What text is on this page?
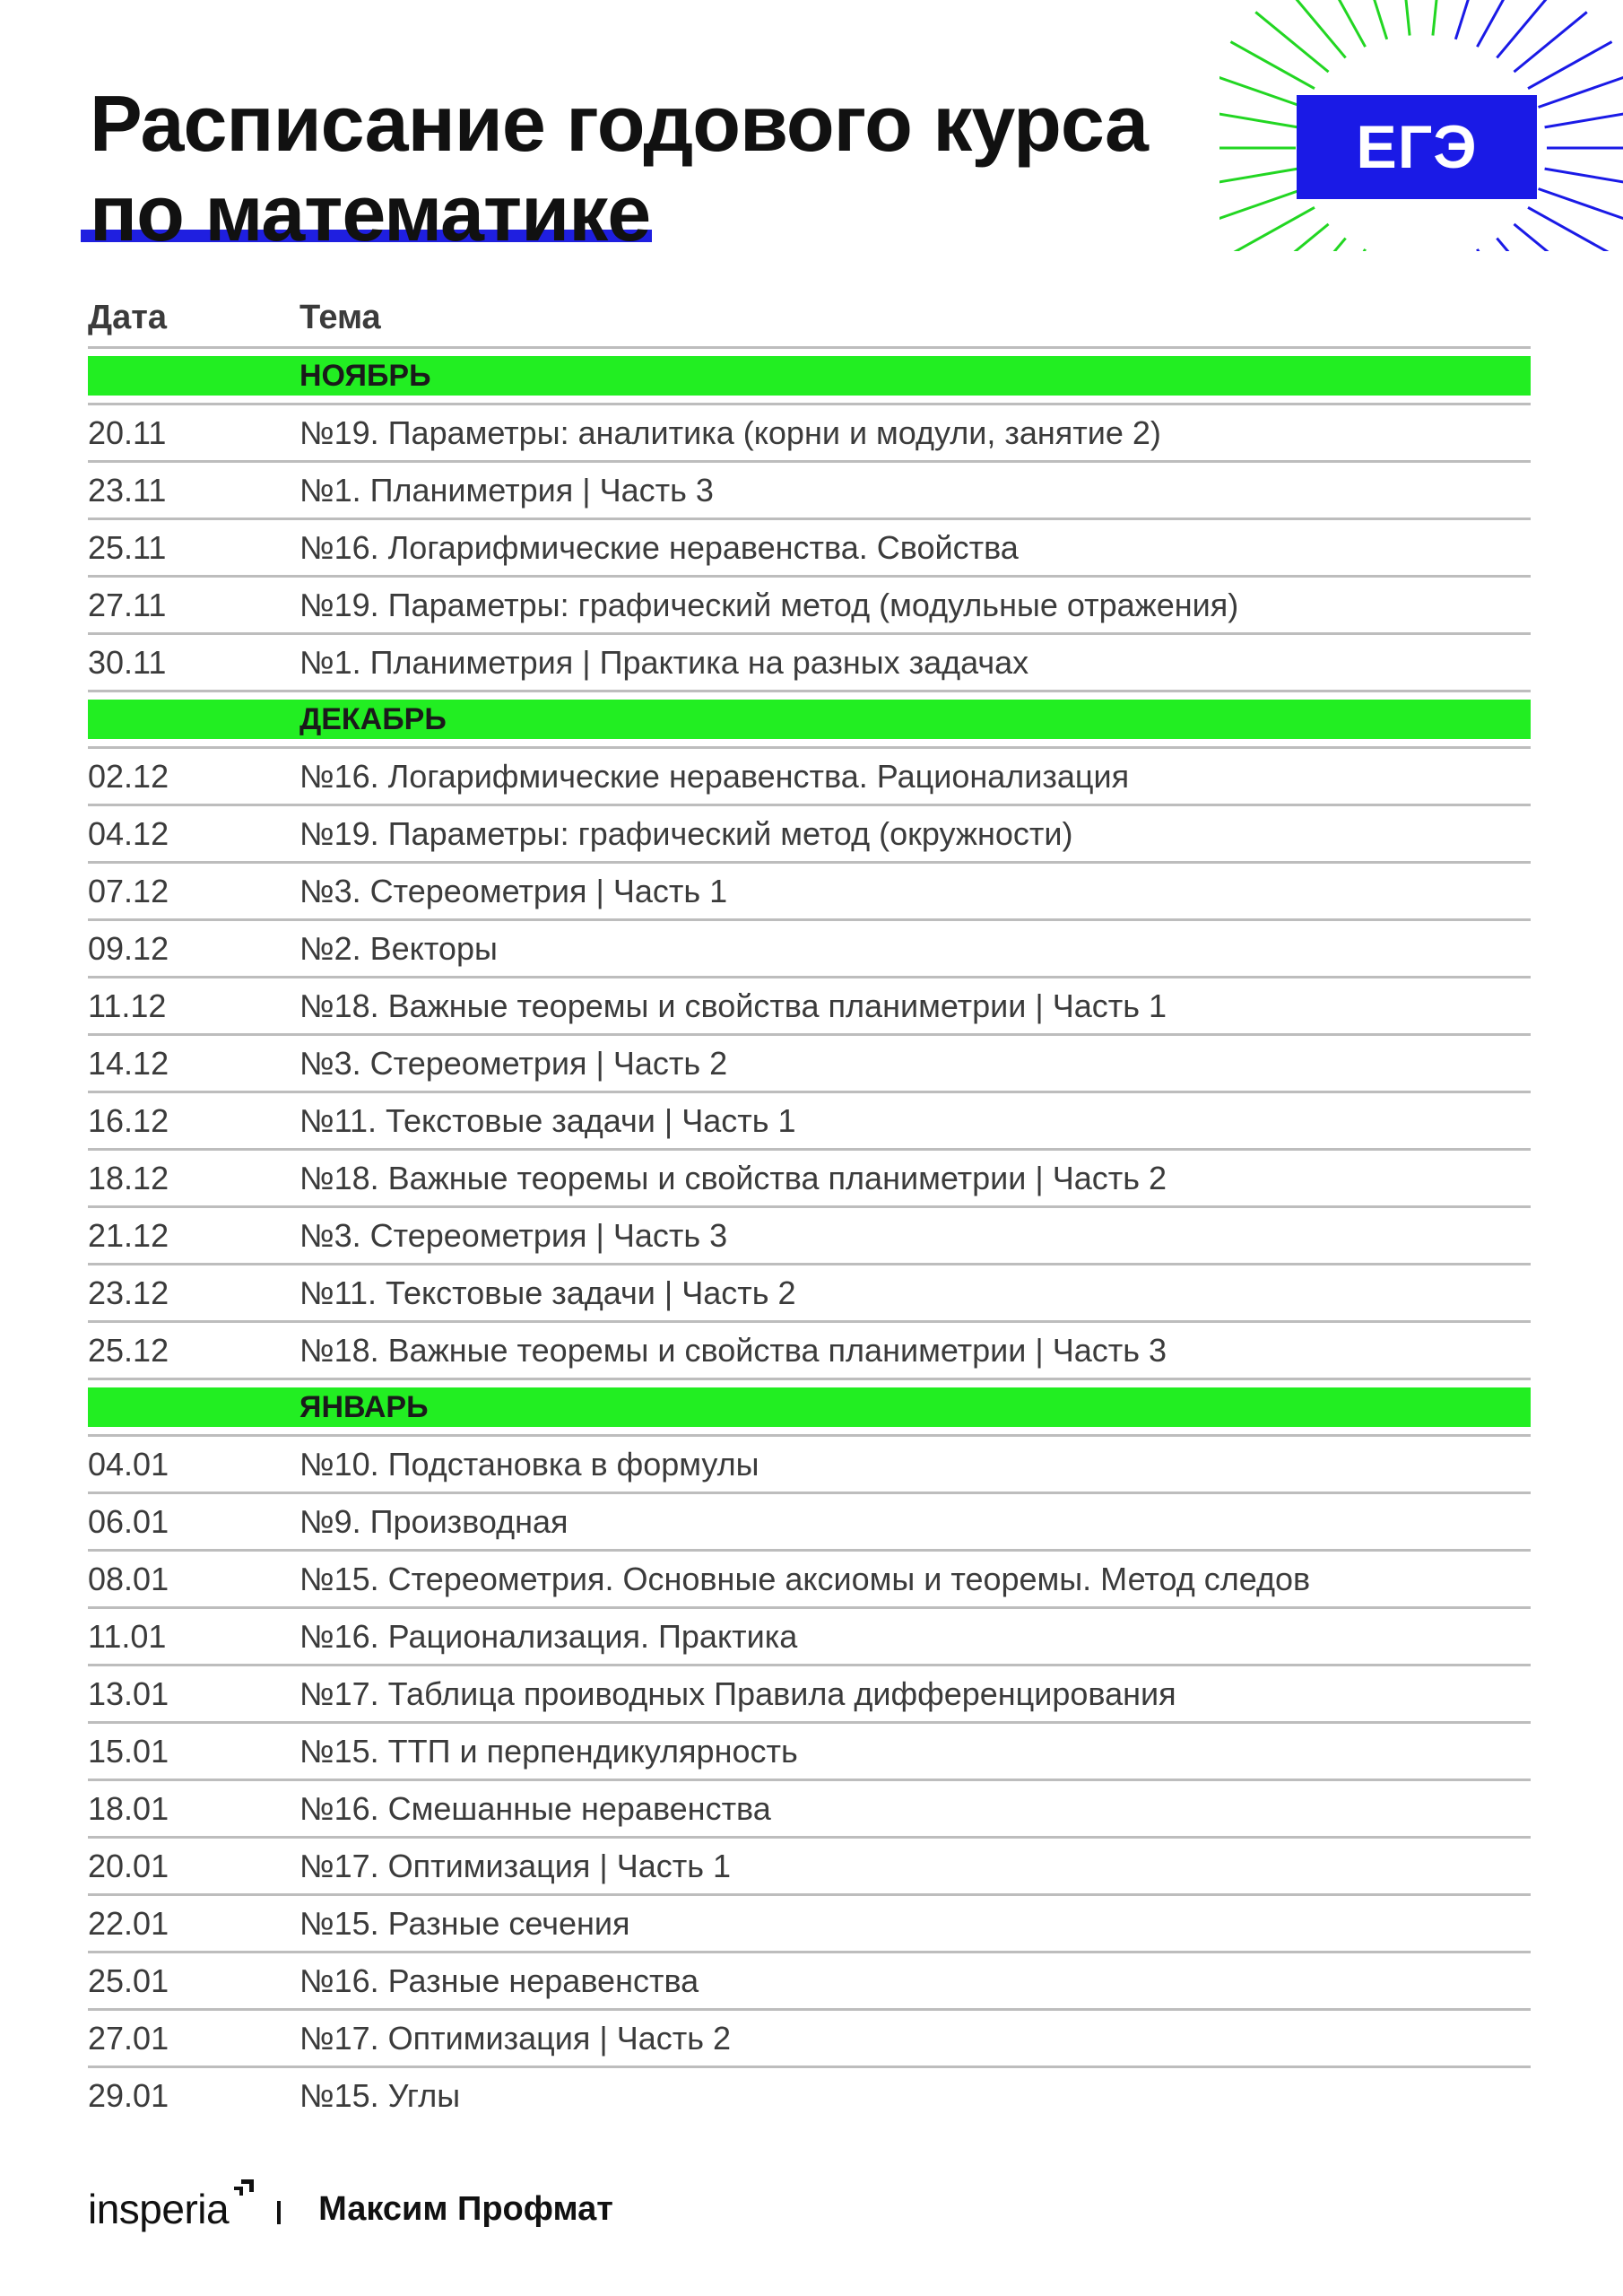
Расписание годового курса
по математике
ЕГЭ
Дата	Тема
НОЯБРЬ
20.11	№19. Параметры: аналитика (корни и модули, занятие 2)
23.11	№1. Планиметрия | Часть 3
25.11	№16. Логарифмические неравенства. Свойства
27.11	№19. Параметры: графический метод (модульные отражения)
30.11	№1. Планиметрия | Практика на разных задачах
ДЕКАБРЬ
02.12	№16. Логарифмические неравенства. Рационализация
04.12	№19. Параметры: графический метод (окружности)
07.12	№3. Стереометрия | Часть 1
09.12	№2. Векторы
11.12	№18. Важные теоремы и свойства планиметрии | Часть 1
14.12	№3. Стереометрия | Часть 2
16.12	№11. Текстовые задачи | Часть 1
18.12	№18. Важные теоремы и свойства планиметрии | Часть 2
21.12	№3. Стереометрия | Часть 3
23.12	№11. Текстовые задачи | Часть 2
25.12	№18. Важные теоремы и свойства планиметрии | Часть 3
ЯНВАРЬ
04.01	№10. Подстановка в формулы
06.01	№9. Производная
08.01	№15. Стереометрия. Основные аксиомы и теоремы. Метод следов
11.01	№16. Рационализация. Практика
13.01	№17. Таблица проиводных Правила дифференцирования
15.01	№15. ТТП и перпендикулярность
18.01	№16. Смешанные неравенства
20.01	№17. Оптимизация | Часть 1
22.01	№15. Разные сечения
25.01	№16. Разные неравенства
27.01	№17. Оптимизация | Часть 2
29.01	№15. Углы
insperia	Максим Профмат
